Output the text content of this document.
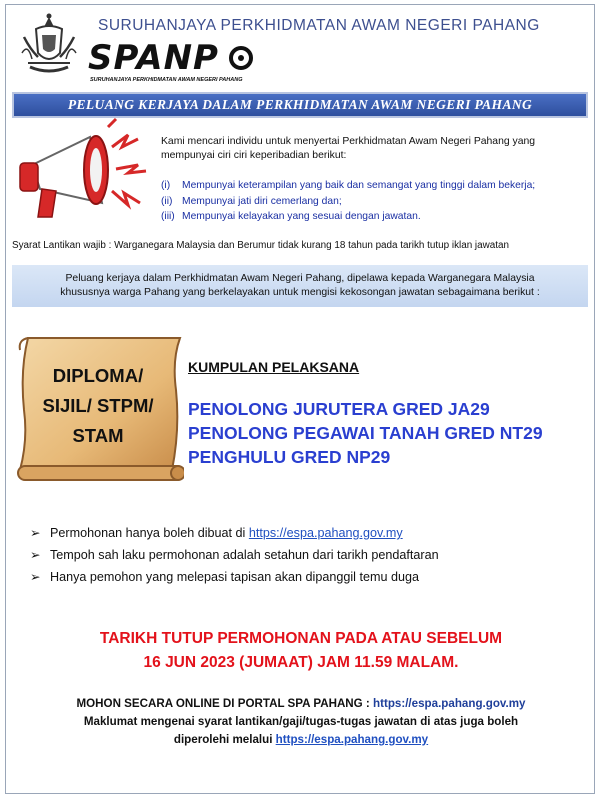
SURUHANJAYA PERKHIDMATAN AWAM NEGERI PAHANG
SPANP
SURUHANJAYA PERKHIDMATAN AWAM NEGERI PAHANG
PELUANG KERJAYA DALAM PERKHIDMATAN AWAM NEGERI PAHANG
Kami mencari individu untuk menyertai Perkhidmatan Awam Negeri Pahang yang mempunyai ciri ciri keperibadian berikut:
(i) Mempunyai keterampilan yang baik dan semangat yang tinggi dalam bekerja;
(ii) Mempunyai jati diri cemerlang dan;
(iii) Mempunyai kelayakan yang sesuai dengan jawatan.
Syarat Lantikan wajib : Warganegara Malaysia dan Berumur tidak kurang 18 tahun pada tarikh tutup iklan jawatan

Peluang kerjaya dalam Perkhidmatan Awam Negeri Pahang, dipelawa kepada Warganegara Malaysia
khususnya warga Pahang yang berkelayakan untuk mengisi kekosongan jawatan sebagaimana berikut :

DIPLOMA/
SIJIL/ STPM/
STAM
KUMPULAN PELAKSANA
PENOLONG JURUTERA GRED JA29
PENOLONG PEGAWAI TANAH GRED NT29
PENGHULU GRED NP29
➢ Permohonan hanya boleh dibuat di https://espa.pahang.gov.my
➢ Tempoh sah laku permohonan adalah setahun dari tarikh pendaftaran
➢ Hanya pemohon yang melepasi tapisan akan dipanggil temu duga
TARIKH TUTUP PERMOHONAN PADA ATAU SEBELUM
16 JUN 2023 (JUMAAT) JAM 11.59 MALAM.
MOHON SECARA ONLINE DI PORTAL SPA PAHANG : https://espa.pahang.gov.my
Maklumat mengenai syarat lantikan/gaji/tugas-tugas jawatan di atas juga boleh
diperolehi melalui https://espa.pahang.gov.my
